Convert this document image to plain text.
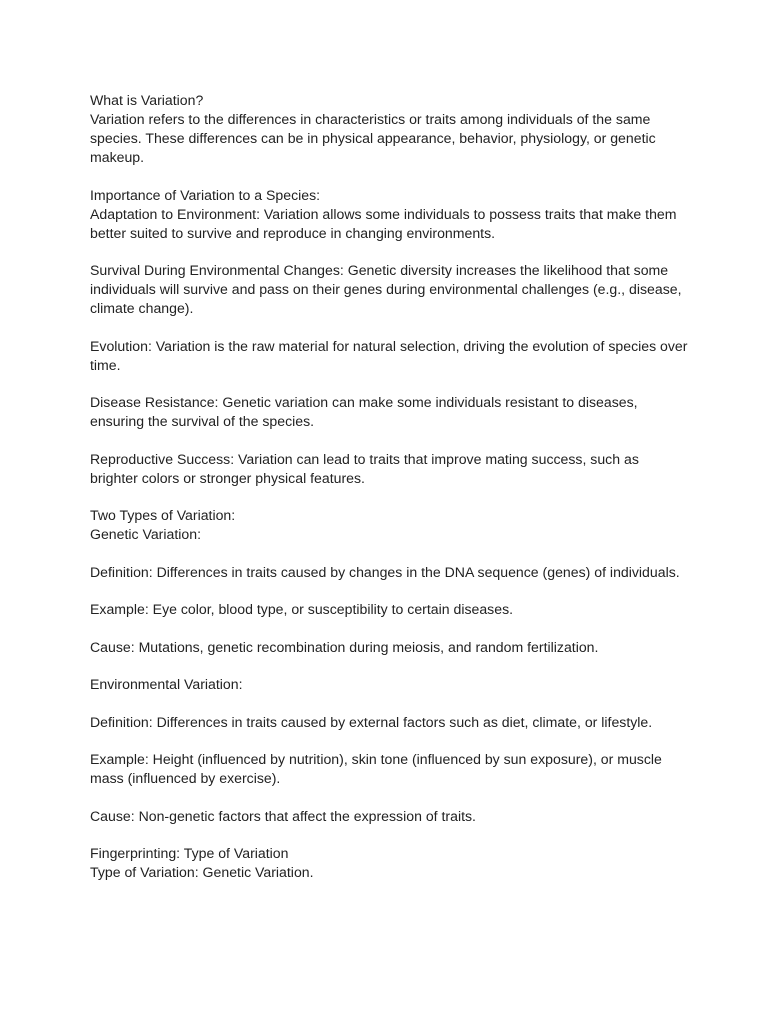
What is Variation?
Variation refers to the differences in characteristics or traits among individuals of the same species. These differences can be in physical appearance, behavior, physiology, or genetic makeup.
Importance of Variation to a Species:
Adaptation to Environment: Variation allows some individuals to possess traits that make them better suited to survive and reproduce in changing environments.
Survival During Environmental Changes: Genetic diversity increases the likelihood that some individuals will survive and pass on their genes during environmental challenges (e.g., disease, climate change).
Evolution: Variation is the raw material for natural selection, driving the evolution of species over time.
Disease Resistance: Genetic variation can make some individuals resistant to diseases, ensuring the survival of the species.
Reproductive Success: Variation can lead to traits that improve mating success, such as brighter colors or stronger physical features.
Two Types of Variation:
Genetic Variation:
Definition: Differences in traits caused by changes in the DNA sequence (genes) of individuals.
Example: Eye color, blood type, or susceptibility to certain diseases.
Cause: Mutations, genetic recombination during meiosis, and random fertilization.
Environmental Variation:
Definition: Differences in traits caused by external factors such as diet, climate, or lifestyle.
Example: Height (influenced by nutrition), skin tone (influenced by sun exposure), or muscle mass (influenced by exercise).
Cause: Non-genetic factors that affect the expression of traits.
Fingerprinting: Type of Variation
Type of Variation: Genetic Variation.
